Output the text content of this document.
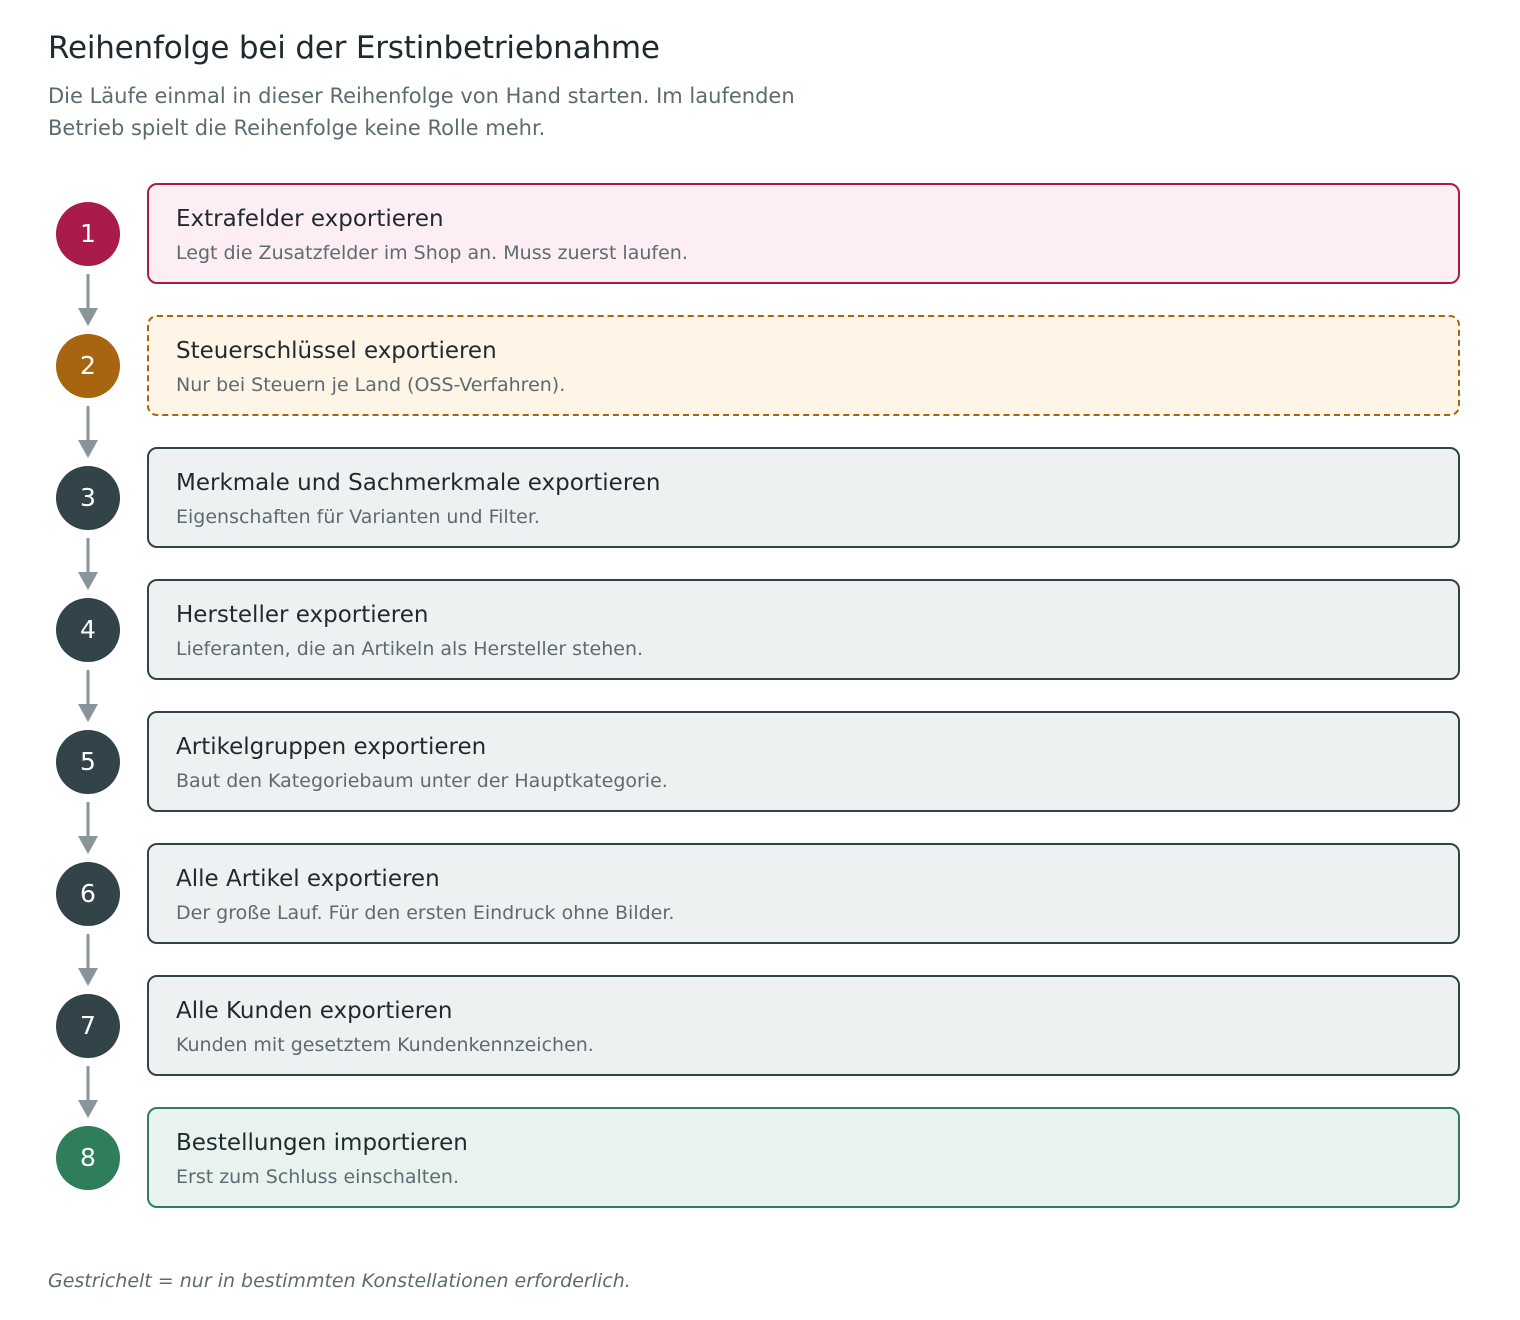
Reihenfolge bei der Erstinbetriebnahme

Die Läufe einmal in dieser Reihenfolge von Hand starten. Im laufenden Betrieb spielt die Reihenfolge keine Rolle mehr.

1	Extrafelder exportieren
Legt die Zusatzfelder im Shop an. Muss zuerst laufen.
2	Steuerschlüssel exportieren
Nur bei Steuern je Land (OSS-Verfahren).
3	Merkmale und Sachmerkmale exportieren
Eigenschaften für Varianten und Filter.
4	Hersteller exportieren
Lieferanten, die an Artikeln als Hersteller stehen.
5	Artikelgruppen exportieren
Baut den Kategoriebaum unter der Hauptkategorie.
6	Alle Artikel exportieren
Der große Lauf. Für den ersten Eindruck ohne Bilder.
7	Alle Kunden exportieren
Kunden mit gesetztem Kundenkennzeichen.
8	Bestellungen importieren
Erst zum Schluss einschalten.

Gestrichelt = nur in bestimmten Konstellationen erforderlich.
